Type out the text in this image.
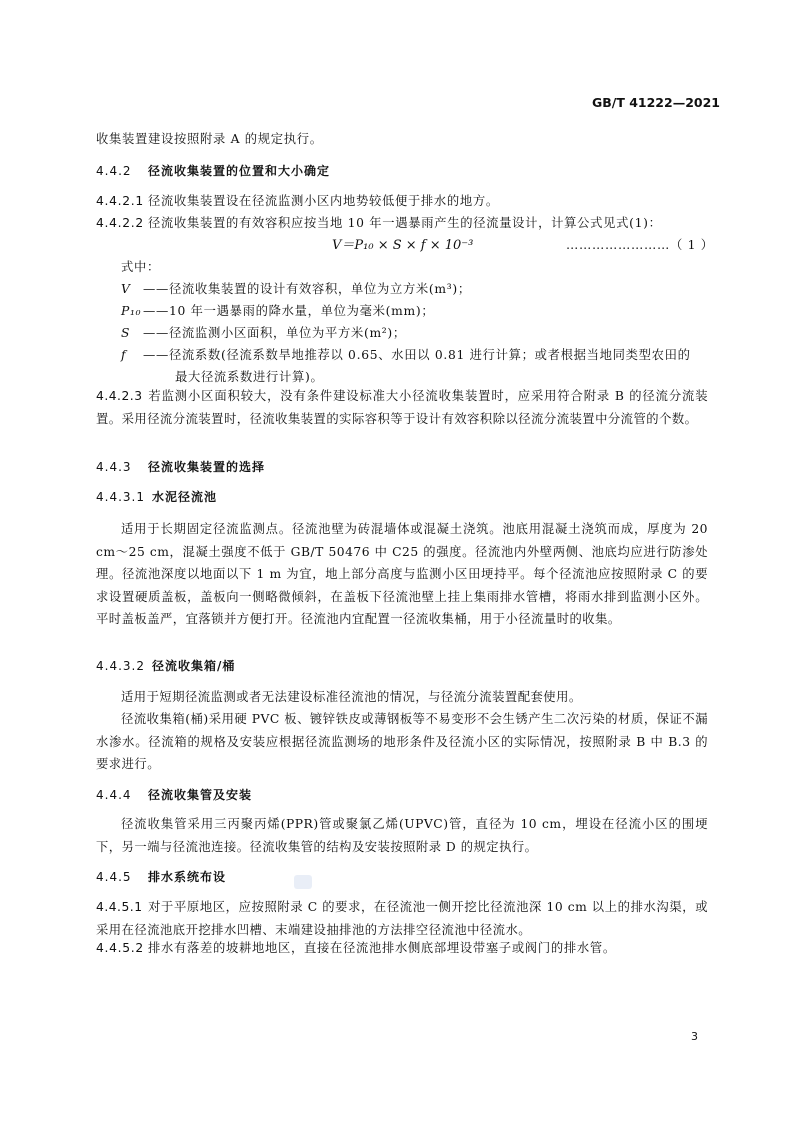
GB/T 41222—2021
收集装置建设按照附录 A 的规定执行。
4.4.2 径流收集装置的位置和大小确定
4.4.2.1 径流收集装置设在径流监测小区内地势较低便于排水的地方。
4.4.2.2 径流收集装置的有效容积应按当地 10 年一遇暴雨产生的径流量设计，计算公式见式(1)：
V＝P₁₀ × S × f × 10⁻³	……………………（ 1 ）
式中：
V ——径流收集装置的设计有效容积，单位为立方米(m³)；
P₁₀ ——10 年一遇暴雨的降水量，单位为毫米(mm)；
S ——径流监测小区面积，单位为平方米(m²)；
f ——径流系数(径流系数旱地推荐以 0.65、水田以 0.81 进行计算；或者根据当地同类型农田的
最大径流系数进行计算)。
4.4.2.3 若监测小区面积较大，没有条件建设标准大小径流收集装置时，应采用符合附录 B 的径流分流装置。采用径流分流装置时，径流收集装置的实际容积等于设计有效容积除以径流分流装置中分流管的个数。
4.4.3 径流收集装置的选择
4.4.3.1 水泥径流池
适用于长期固定径流监测点。径流池壁为砖混墙体或混凝土浇筑。池底用混凝土浇筑而成，厚度为 20 cm～25 cm，混凝土强度不低于 GB/T 50476 中 C25 的强度。径流池内外壁两侧、池底均应进行防渗处理。径流池深度以地面以下 1 m 为宜，地上部分高度与监测小区田埂持平。每个径流池应按照附录 C 的要求设置硬质盖板，盖板向一侧略微倾斜，在盖板下径流池壁上挂上集雨排水管槽，将雨水排到监测小区外。平时盖板盖严，宜落锁并方便打开。径流池内宜配置一径流收集桶，用于小径流量时的收集。
4.4.3.2 径流收集箱/桶
适用于短期径流监测或者无法建设标准径流池的情况，与径流分流装置配套使用。
径流收集箱(桶)采用硬 PVC 板、镀锌铁皮或薄钢板等不易变形不会生锈产生二次污染的材质，保证不漏水渗水。径流箱的规格及安装应根据径流监测场的地形条件及径流小区的实际情况，按照附录 B 中 B.3 的要求进行。
4.4.4 径流收集管及安装
径流收集管采用三丙聚丙烯(PPR)管或聚氯乙烯(UPVC)管，直径为 10 cm，埋设在径流小区的围埂下，另一端与径流池连接。径流收集管的结构及安装按照附录 D 的规定执行。
4.4.5 排水系统布设
4.4.5.1 对于平原地区，应按照附录 C 的要求，在径流池一侧开挖比径流池深 10 cm 以上的排水沟渠，或采用在径流池底开挖排水凹槽、末端建设抽排池的方法排空径流池中径流水。
4.4.5.2 排水有落差的坡耕地地区，直接在径流池排水侧底部埋设带塞子或阀门的排水管。
3
